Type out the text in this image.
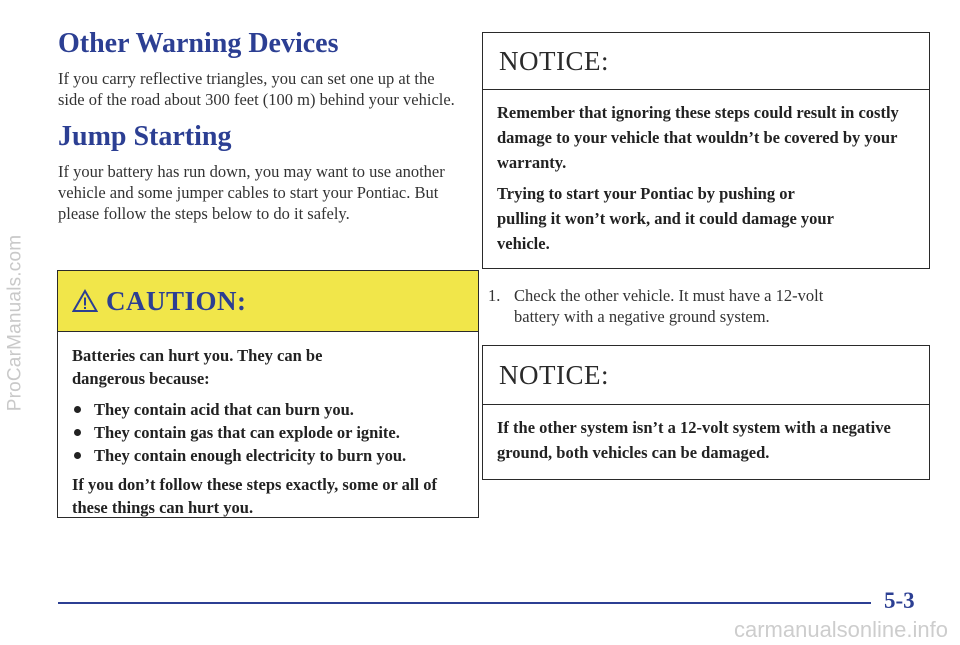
ProCarManuals.com
Other Warning Devices

If you carry reflective triangles, you can set one up at the side of the road about 300 feet (100 m) behind your vehicle.

Jump Starting

If your battery has run down, you may want to use another vehicle and some jumper cables to start your Pontiac. But please follow the steps below to do it safely.

CAUTION:
Batteries can hurt you. They can be dangerous because:
They contain acid that can burn you.
They contain gas that can explode or ignite.
They contain enough electricity to burn you.
If you don’t follow these steps exactly, some or all of these things can hurt you.
NOTICE:
Remember that ignoring these steps could result in costly damage to your vehicle that wouldn’t be covered by your warranty.
Trying to start your Pontiac by pushing or pulling it won’t work, and it could damage your vehicle.
1. Check the other vehicle. It must have a 12-volt battery with a negative ground system.
NOTICE:
If the other system isn’t a 12-volt system with a negative ground, both vehicles can be damaged.
5-3
carmanualsonline.info
